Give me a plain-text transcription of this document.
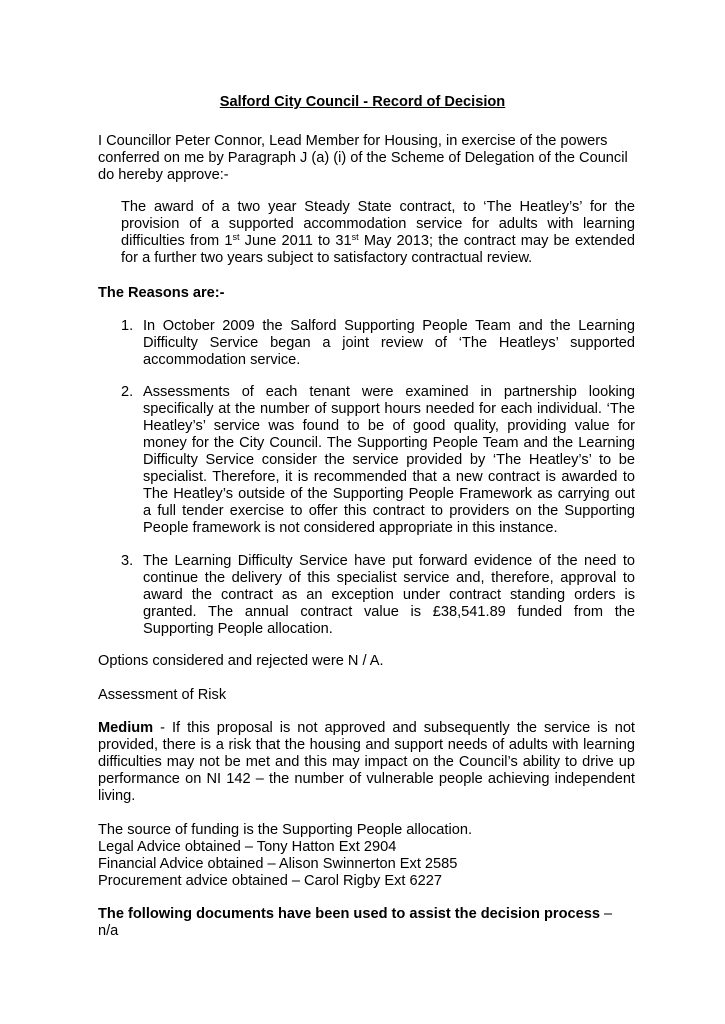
Salford City Council - Record of Decision

I Councillor Peter Connor, Lead Member for Housing, in exercise of the powers conferred on me by Paragraph J (a) (i) of the Scheme of Delegation of the Council do hereby approve:-

The award of a two year Steady State contract, to ‘The Heatley’s’ for the provision of a supported accommodation service for adults with learning difficulties from 1st June 2011 to 31st May 2013; the contract may be extended for a further two years subject to satisfactory contractual review.

The Reasons are:-

1. In October 2009 the Salford Supporting People Team and the Learning Difficulty Service began a joint review of ‘The Heatleys’ supported accommodation service.
2. Assessments of each tenant were examined in partnership looking specifically at the number of support hours needed for each individual. ‘The Heatley’s’ service was found to be of good quality, providing value for money for the City Council. The Supporting People Team and the Learning Difficulty Service consider the service provided by ‘The Heatley’s’ to be specialist. Therefore, it is recommended that a new contract is awarded to The Heatley’s outside of the Supporting People Framework as carrying out a full tender exercise to offer this contract to providers on the Supporting People framework is not considered appropriate in this instance.
3. The Learning Difficulty Service have put forward evidence of the need to continue the delivery of this specialist service and, therefore, approval to award the contract as an exception under contract standing orders is granted. The annual contract value is £38,541.89 funded from the Supporting People allocation.

Options considered and rejected were N / A.

Assessment of Risk

Medium - If this proposal is not approved and subsequently the service is not provided, there is a risk that the housing and support needs of adults with learning difficulties may not be met and this may impact on the Council’s ability to drive up performance on NI 142 – the number of vulnerable people achieving independent living.

The source of funding is the Supporting People allocation.
Legal Advice obtained – Tony Hatton Ext 2904
Financial Advice obtained – Alison Swinnerton Ext 2585
Procurement advice obtained – Carol Rigby Ext 6227
The following documents have been used to assist the decision process –
n/a
